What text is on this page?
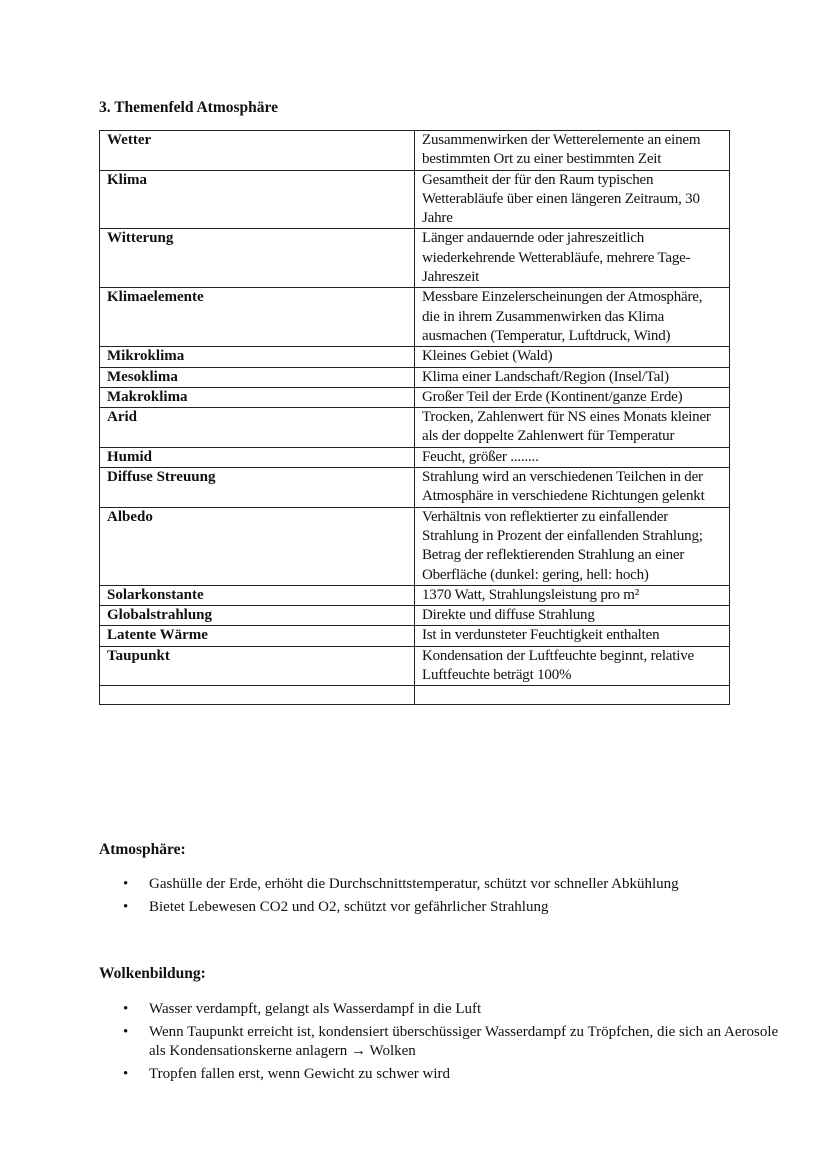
3. Themenfeld Atmosphäre
Wetter	Zusammenwirken der Wetterelemente an einem bestimmten Ort zu einer bestimmten Zeit
Klima	Gesamtheit der für den Raum typischen Wetterabläufe über einen längeren Zeitraum, 30 Jahre
Witterung	Länger andauernde oder jahreszeitlich wiederkehrende Wetterabläufe, mehrere Tage-Jahreszeit
Klimaelemente	Messbare Einzelerscheinungen der Atmosphäre, die in ihrem Zusammenwirken das Klima ausmachen (Temperatur, Luftdruck, Wind)
Mikroklima	Kleines Gebiet (Wald)
Mesoklima	Klima einer Landschaft/Region (Insel/Tal)
Makroklima	Großer Teil der Erde (Kontinent/ganze Erde)
Arid	Trocken, Zahlenwert für NS eines Monats kleiner als der doppelte Zahlenwert für Temperatur
Humid	Feucht, größer ........
Diffuse Streuung	Strahlung wird an verschiedenen Teilchen in der Atmosphäre in verschiedene Richtungen gelenkt
Albedo	Verhältnis von reflektierter zu einfallender Strahlung in Prozent der einfallenden Strahlung; Betrag der reflektierenden Strahlung an einer Oberfläche (dunkel: gering, hell: hoch)
Solarkonstante	1370 Watt, Strahlungsleistung pro m²
Globalstrahlung	Direkte und diffuse Strahlung
Latente Wärme	Ist in verdunsteter Feuchtigkeit enthalten
Taupunkt	Kondensation der Luftfeuchte beginnt, relative Luftfeuchte beträgt 100%

Atmosphäre:
• Gashülle der Erde, erhöht die Durchschnittstemperatur, schützt vor schneller Abkühlung
• Bietet Lebewesen CO2 und O2, schützt vor gefährlicher Strahlung
Wolkenbildung:
• Wasser verdampft, gelangt als Wasserdampf in die Luft
• Wenn Taupunkt erreicht ist, kondensiert überschüssiger Wasserdampf zu Tröpfchen, die sich an Aerosole als Kondensationskerne anlagern → Wolken
• Tropfen fallen erst, wenn Gewicht zu schwer wird
